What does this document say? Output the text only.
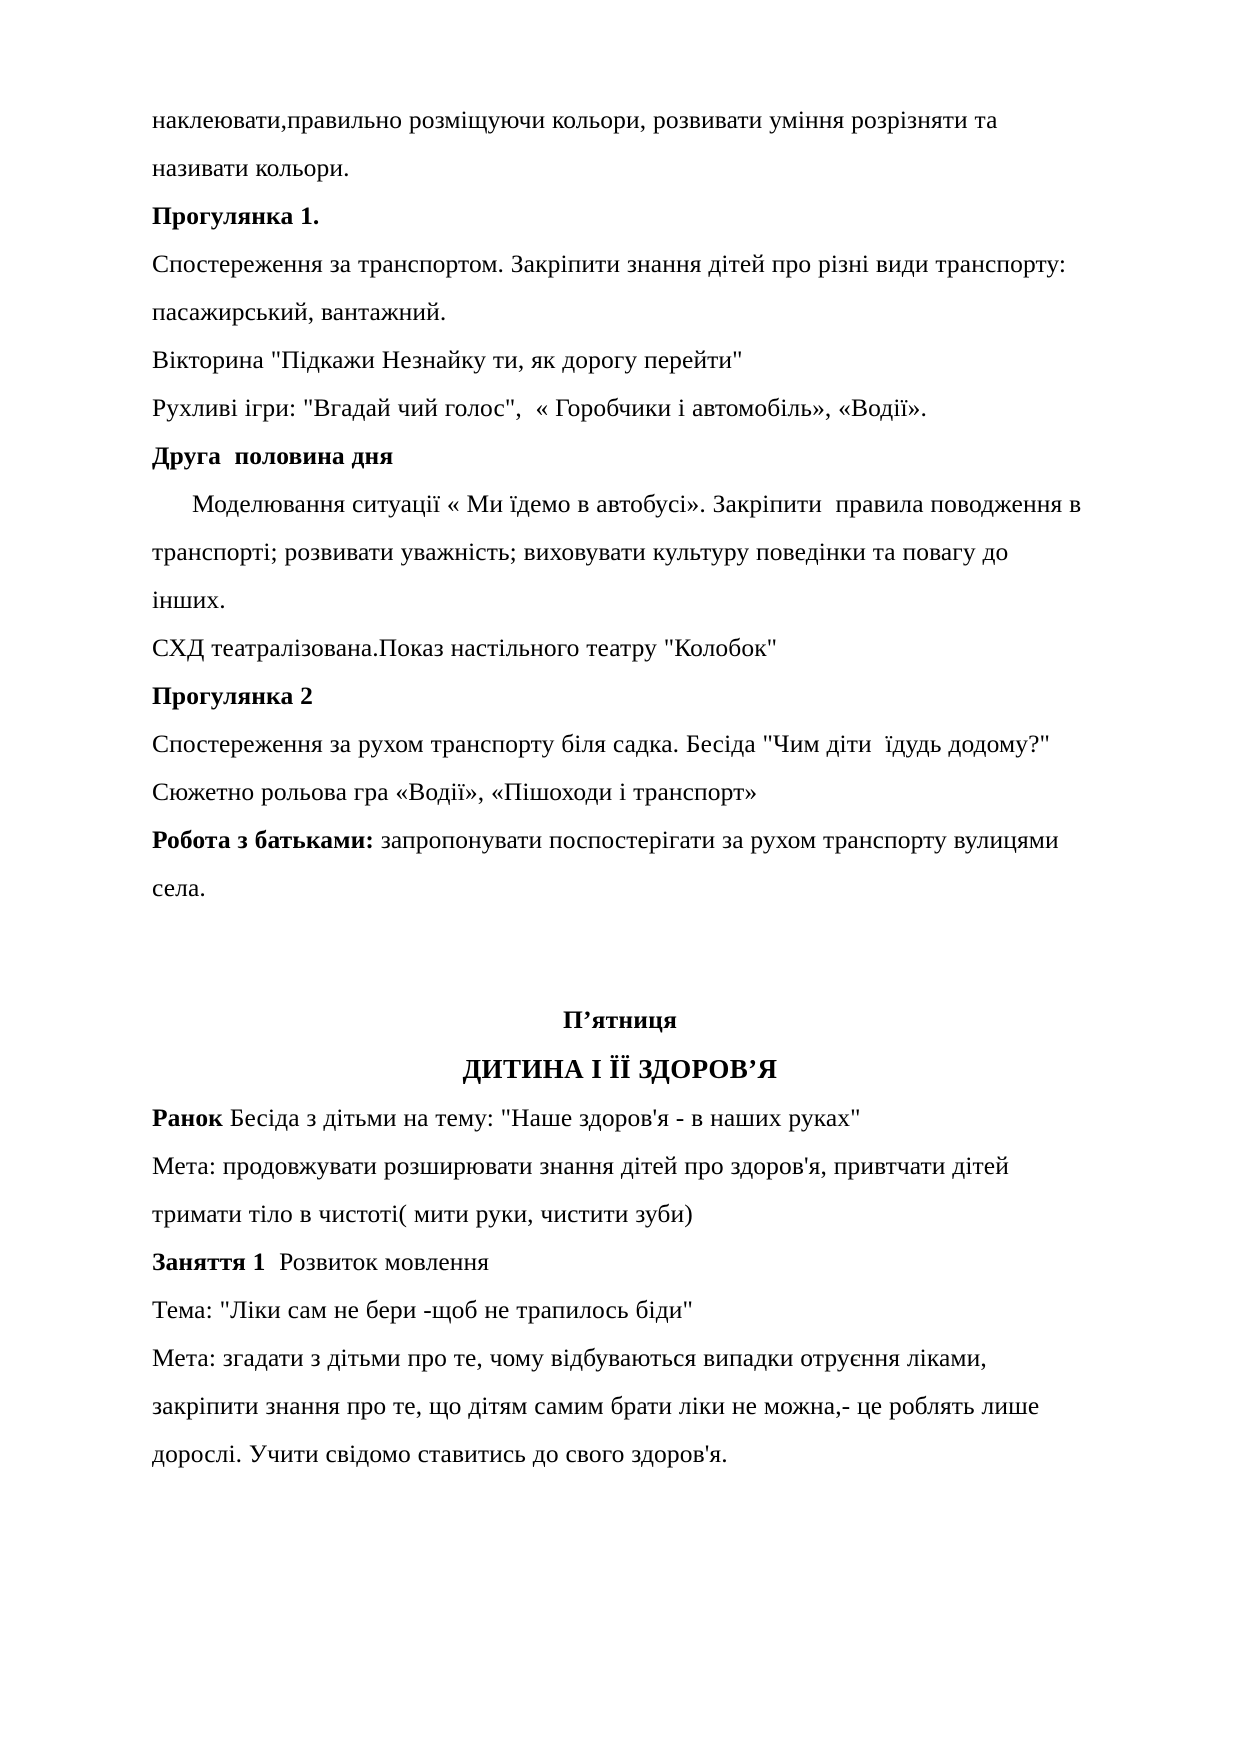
наклеювати,правильно розміщуючи кольори, розвивати уміння розрізняти та називати кольори.

Прогулянка 1.

Спостереження за транспортом. Закріпити знання дітей про різні види транспорту: пасажирський, вантажний.

Вікторина "Підкажи Незнайку ти, як дорогу перейти"

Рухливі ігри: "Вгадай чий голос",  « Горобчики і автомобіль», «Водії».

Друга  половина дня

Моделювання ситуації « Ми їдемо в автобусі». Закріпити  правила поводження в транспорті; розвивати уважність; виховувати культуру поведінки та повагу до інших.

СХД театралізована.Показ настільного театру "Колобок"

Прогулянка 2

Спостереження за рухом транспорту біля садка. Бесіда "Чим діти  їдудь додому?"

Сюжетно рольова гра «Водії», «Пішоходи і транспорт»

Робота з батьками: запропонувати поспостерігати за рухом транспорту вулицями  села.

П’ятниця

ДИТИНА І ЇЇ ЗДОРОВ’Я

Ранок Бесіда з дітьми на тему: "Наше здоров'я - в наших руках"

Мета: продовжувати розширювати знання дітей про здоров'я, привтчати дітей тримати тіло в чистоті( мити руки, чистити зуби)

Заняття 1  Розвиток мовлення

Тема: "Ліки сам не бери -щоб не трапилось біди"

Мета: згадати з дітьми про те, чому відбуваються випадки отруєння ліками, закріпити знання про те, що дітям самим брати ліки не можна,- це роблять лише дорослі. Учити свідомо ставитись до свого здоров'я.
